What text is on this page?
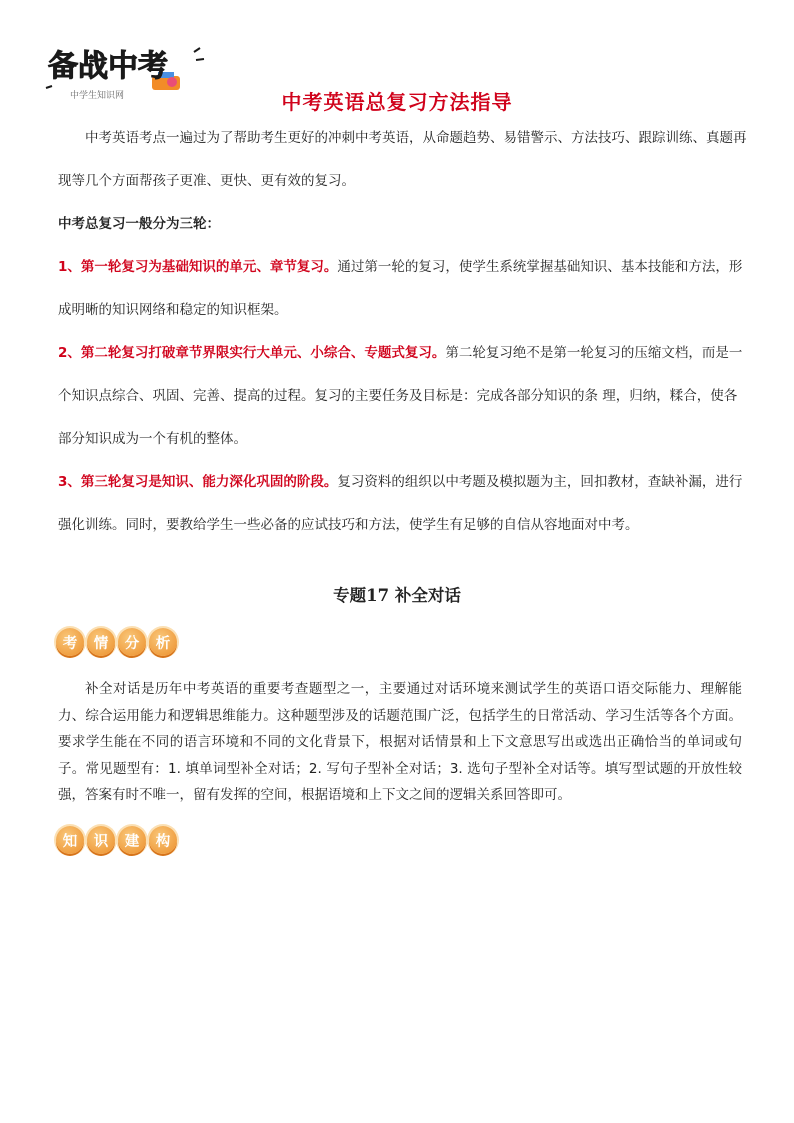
备战中考
中学生知识网	中考英语总复习方法指导

中考英语考点一遍过为了帮助考生更好的冲刺中考英语，从命题趋势、易错警示、方法技巧、跟踪训练、真题再现等几个方面帮孩子更准、更快、更有效的复习。

中考总复习一般分为三轮：

1、第一轮复习为基础知识的单元、章节复习。通过第一轮的复习，使学生系统掌握基础知识、基本技能和方法，形成明晰的知识网络和稳定的知识框架。

2、第二轮复习打破章节界限实行大单元、小综合、专题式复习。第二轮复习绝不是第一轮复习的压缩文档，而是一个知识点综合、巩固、完善、提高的过程。复习的主要任务及目标是：完成各部分知识的条 理，归纳，糅合，使各部分知识成为一个有机的整体。

3、第三轮复习是知识、能力深化巩固的阶段。复习资料的组织以中考题及模拟题为主，回扣教材，查缺补漏，进行强化训练。同时，要教给学生一些必备的应试技巧和方法，使学生有足够的自信从容地面对中考。

专题17 补全对话
考	情	分	析

补全对话是历年中考英语的重要考查题型之一，主要通过对话环境来测试学生的英语口语交际能力、理解能力、综合运用能力和逻辑思维能力。这种题型涉及的话题范围广泛，包括学生的日常活动、学习生活等各个方面。要求学生能在不同的语言环境和不同的文化背景下，根据对话情景和上下文意思写出或选出正确恰当的单词或句子。常见题型有：1. 填单词型补全对话；2. 写句子型补全对话；3. 选句子型补全对话等。填写型试题的开放性较强，答案有时不唯一，留有发挥的空间，根据语境和上下文之间的逻辑关系回答即可。

知	识	建	构
